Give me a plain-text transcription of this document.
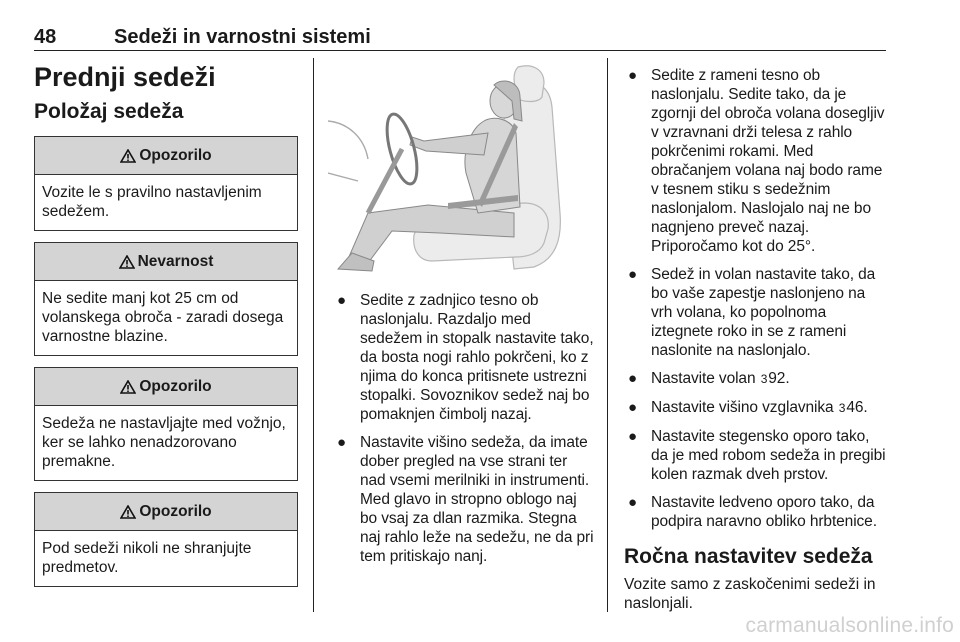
48	Sedeži in varnostni sistemi
Prednji sedeži
Položaj sedeža
Opozorilo
Vozite le s pravilno nastavljenim sedežem.
Nevarnost
Ne sedite manj kot 25 cm od volanskega obroča - zaradi dosega varnostne blazine.
Opozorilo
Sedeža ne nastavljajte med vožnjo, ker se lahko nenadzorovano premakne.
Opozorilo
Pod sedeži nikoli ne shranjujte predmetov.
● Sedite z zadnjico tesno ob naslonjalu. Razdaljo med sedežem in stopalk nastavite tako, da bosta nogi rahlo pokrčeni, ko z njima do konca pritisnete ustrezni stopalki. Sovoznikov sedež naj bo pomaknjen čimbolj nazaj.
● Nastavite višino sedeža, da imate dober pregled na vse strani ter nad vsemi merilniki in instrumenti. Med glavo in stropno oblogo naj bo vsaj za dlan razmika. Stegna naj rahlo leže na sedežu, ne da pri tem pritiskajo nanj.
● Sedite z rameni tesno ob naslonjalu. Sedite tako, da je zgornji del obroča volana dosegljiv v vzravnani drži telesa z rahlo pokrčenimi rokami. Med obračanjem volana naj bodo rame v tesnem stiku s sedežnim naslonjalom. Naslojalo naj ne bo nagnjeno preveč nazaj. Priporočamo kot do 25°.
● Sedež in volan nastavite tako, da bo vaše zapestje naslonjeno na vrh volana, ko popolnoma iztegnete roko in se z rameni naslonite na naslonjalo.
● Nastavite volan 392.
● Nastavite višino vzglavnika 346.
● Nastavite stegensko oporo tako, da je med robom sedeža in pregibi kolen razmak dveh prstov.
● Nastavite ledveno oporo tako, da podpira naravno obliko hrbtenice.
Ročna nastavitev sedeža
Vozite samo z zaskočenimi sedeži in naslonjali.
carmanualsonline.info
